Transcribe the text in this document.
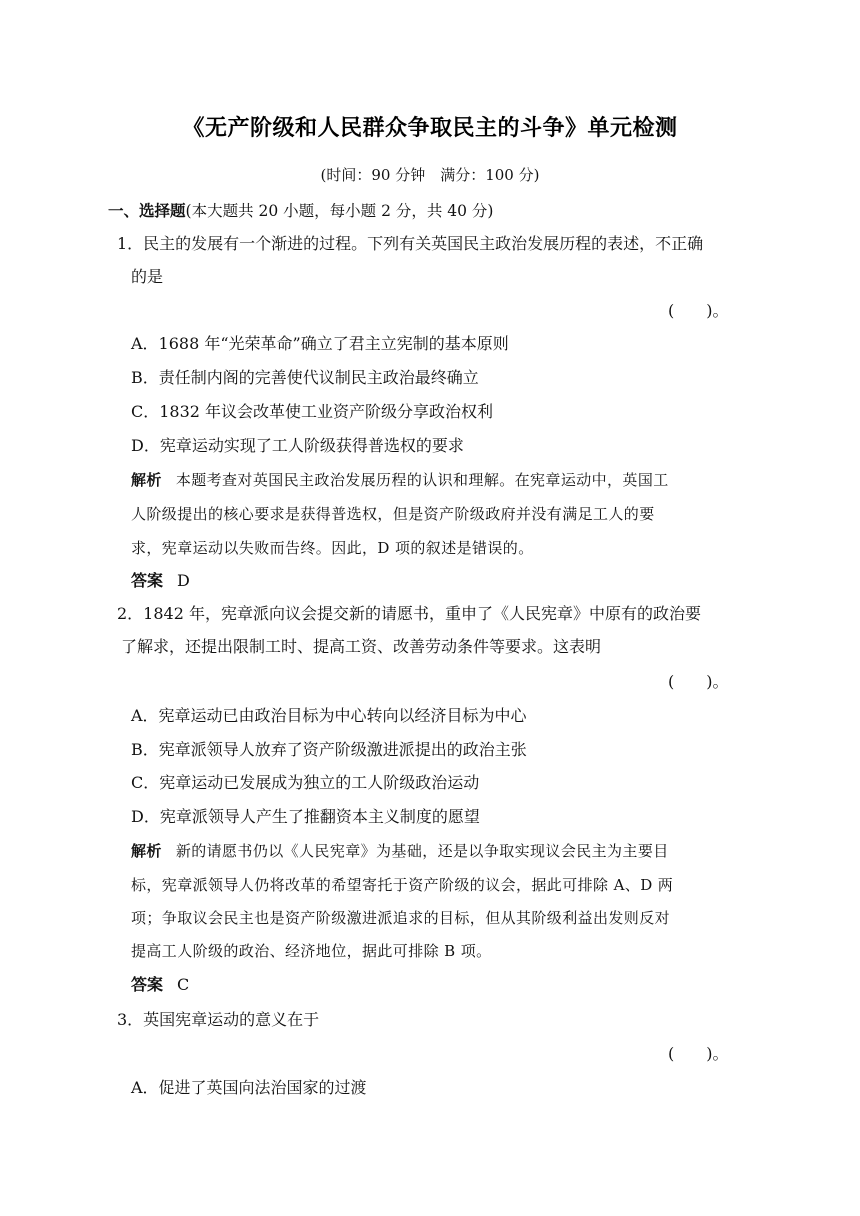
《无产阶级和人民群众争取民主的斗争》单元检测
(时间：90 分钟　满分：100 分)
一、选择题(本大题共 20 小题，每小题 2 分，共 40 分)
1．民主的发展有一个渐进的过程。下列有关英国民主政治发展历程的表述，不正确
的是
(　　)。
A．1688 年“光荣革命”确立了君主立宪制的基本原则
B．责任制内阁的完善使代议制民主政治最终确立
C．1832 年议会改革使工业资产阶级分享政治权利
D．宪章运动实现了工人阶级获得普选权的要求
解析 本题考查对英国民主政治发展历程的认识和理解。在宪章运动中，英国工
人阶级提出的核心要求是获得普选权，但是资产阶级政府并没有满足工人的要
求，宪章运动以失败而告终。因此，D 项的叙述是错误的。
答案 D
2．1842 年，宪章派向议会提交新的请愿书，重申了《人民宪章》中原有的政治要
了解求，还提出限制工时、提高工资、改善劳动条件等要求。这表明
(　　)。
A．宪章运动已由政治目标为中心转向以经济目标为中心
B．宪章派领导人放弃了资产阶级激进派提出的政治主张
C．宪章运动已发展成为独立的工人阶级政治运动
D．宪章派领导人产生了推翻资本主义制度的愿望
解析 新的请愿书仍以《人民宪章》为基础，还是以争取实现议会民主为主要目
标，宪章派领导人仍将改革的希望寄托于资产阶级的议会，据此可排除 A、D 两
项；争取议会民主也是资产阶级激进派追求的目标，但从其阶级利益出发则反对
提高工人阶级的政治、经济地位，据此可排除 B 项。
答案 C
3．英国宪章运动的意义在于
(　　)。
A．促进了英国向法治国家的过渡
